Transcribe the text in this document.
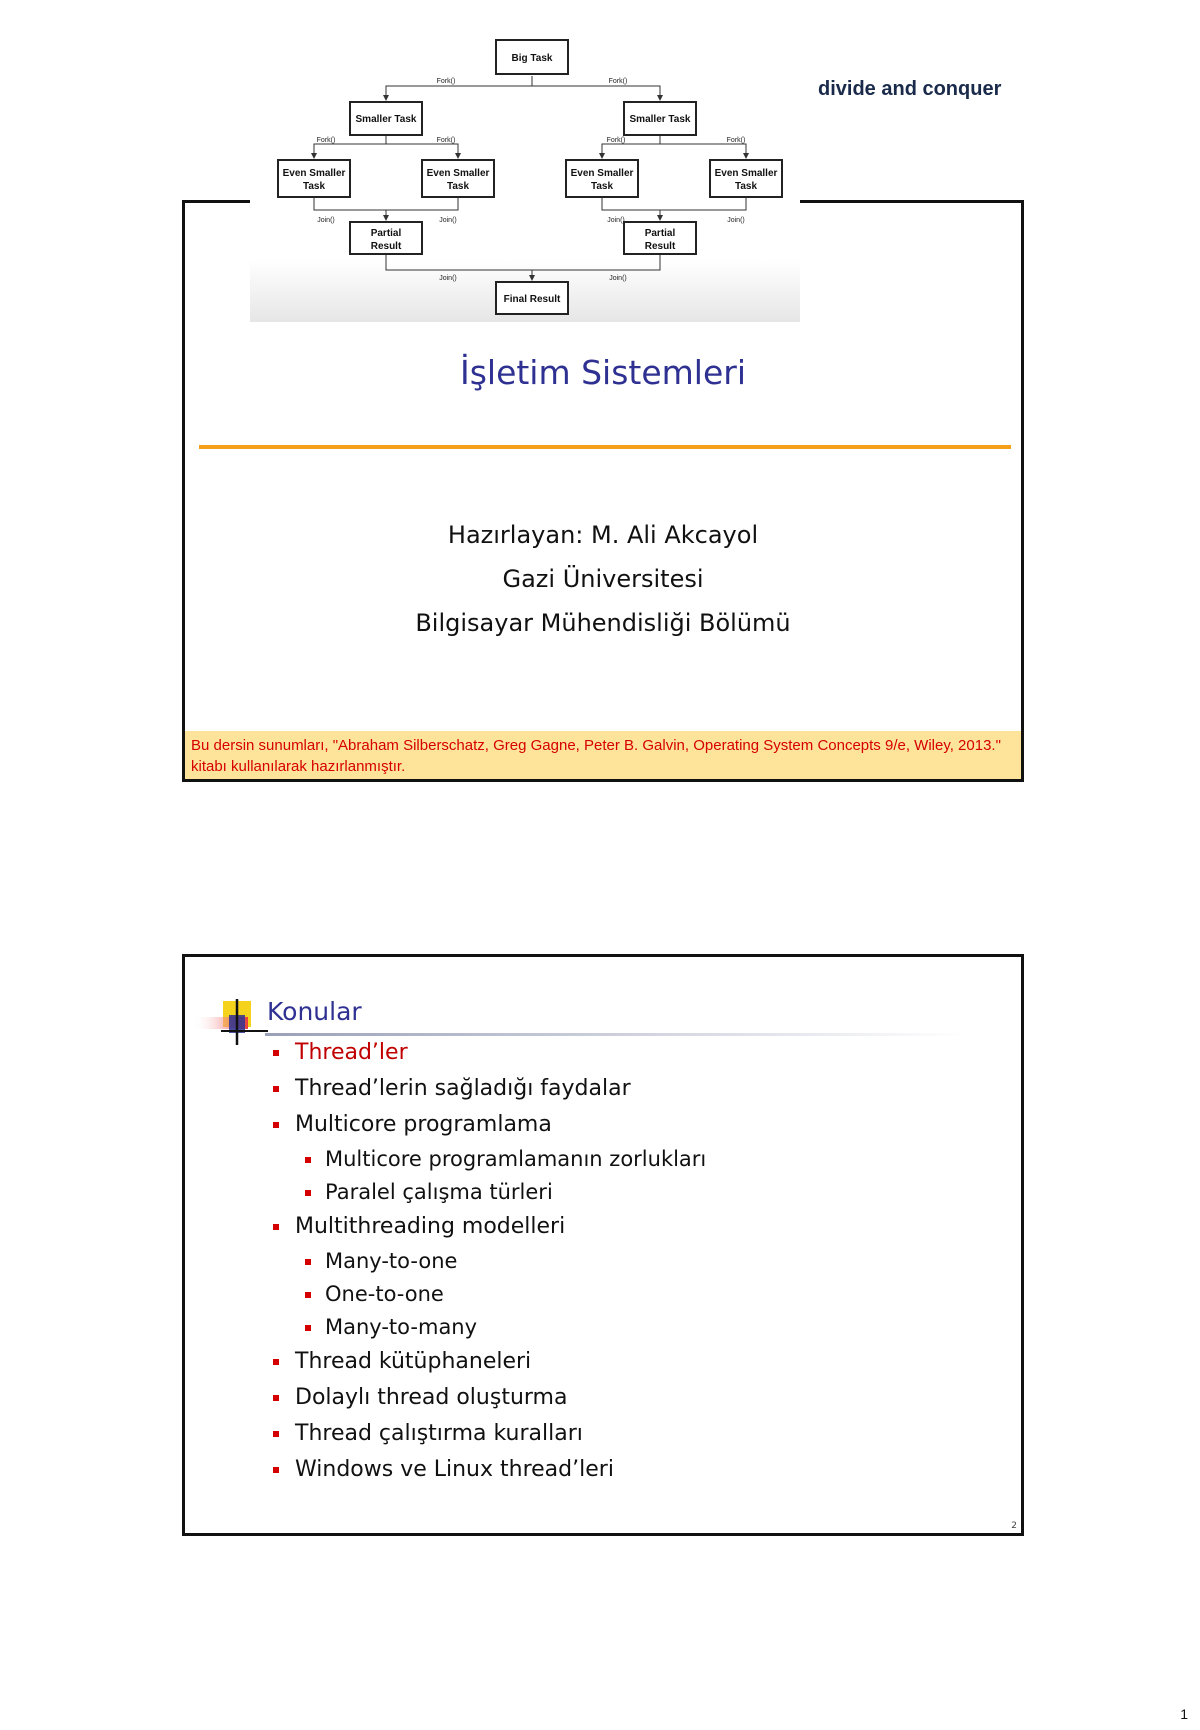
İşletim Sistemleri
Hazırlayan: M. Ali Akcayol
Gazi Üniversitesi
Bilgisayar Mühendisliği Bölümü
Bu dersin sunumları, "Abraham Silberschatz, Greg Gagne, Peter B. Galvin, Operating System Concepts 9/e, Wiley, 2013." kitabı kullanılarak hazırlanmıştır.
Big Task
Smaller Task	Smaller Task
Even Smaller
Task
Even Smaller
Task
Even Smaller
Task
Even Smaller
Task
Partial
Result
Partial
Result
Final Result
Fork()	Fork()
Fork()	Fork()	Fork()	Fork()
Join()	Join()	Join()	Join()
Join()	Join()
divide and conquer
Konular
Thread’ler
Thread’lerin sağladığı faydalar
Multicore programlama
Multicore programlamanın zorlukları
Paralel çalışma türleri
Multithreading modelleri
Many-to-one
One-to-one
Many-to-many
Thread kütüphaneleri
Dolaylı thread oluşturma
Thread çalıştırma kuralları
Windows ve Linux thread’leri
2
1
